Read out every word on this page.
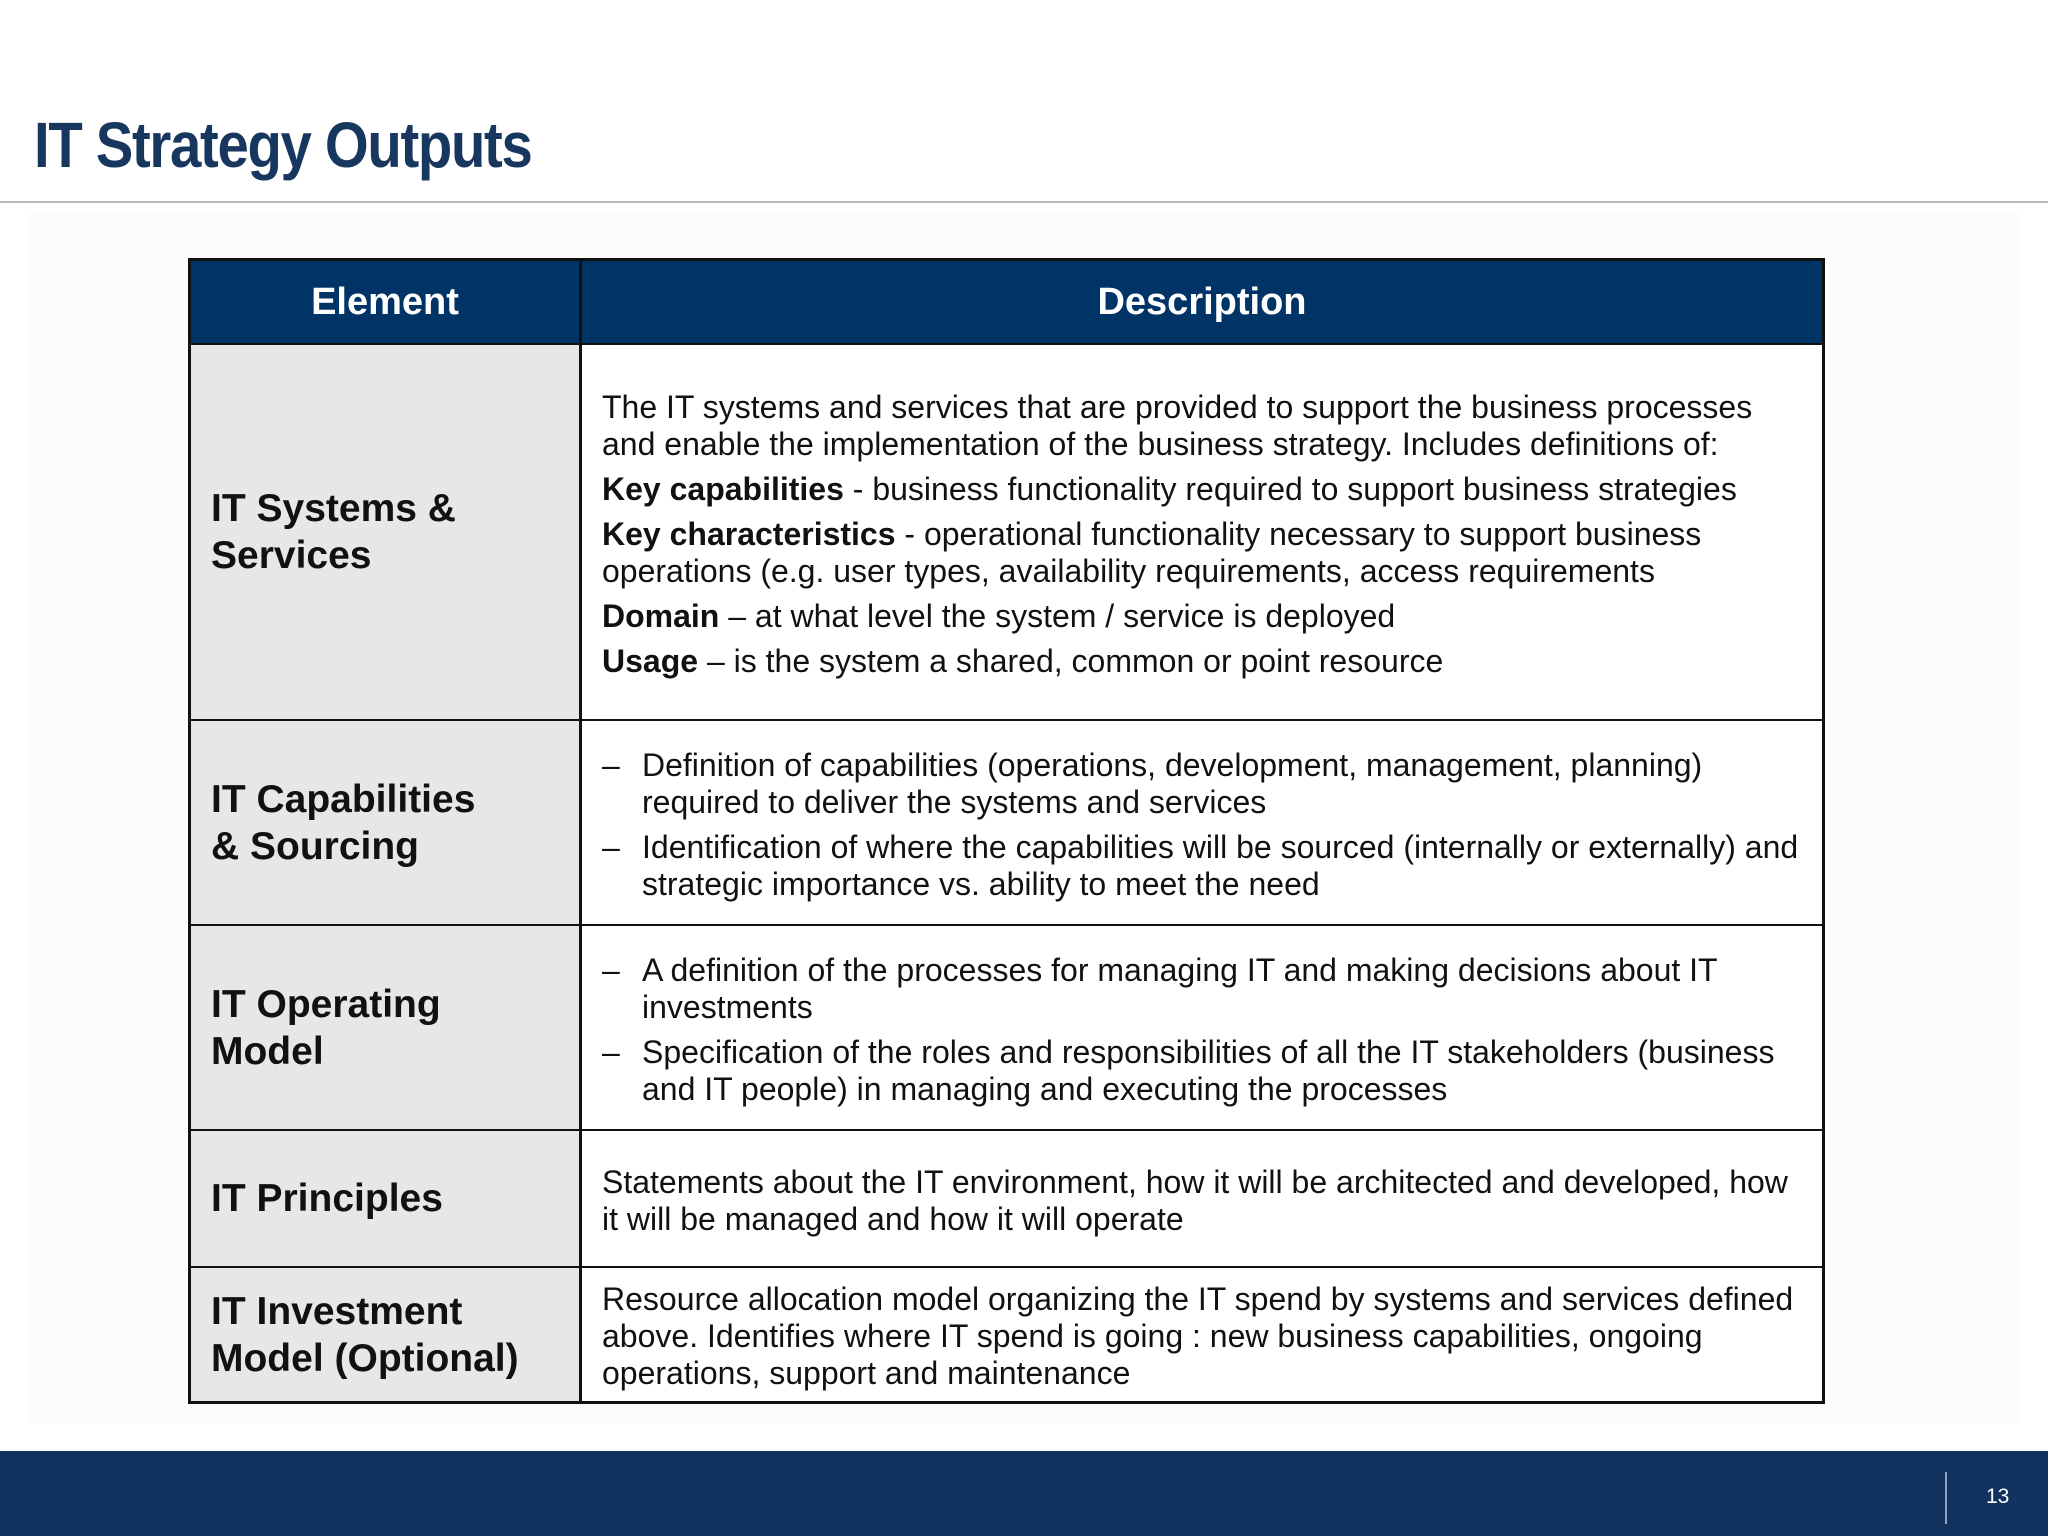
IT Strategy Outputs
Element	Description
IT Systems &
Services

The IT systems and services that are provided to support the business processes and enable the implementation of the business strategy. Includes definitions of:

Key capabilities - business functionality required to support business strategies

Key characteristics - operational functionality necessary to support business operations (e.g. user types, availability requirements, access requirements

Domain – at what level the system / service is deployed

Usage – is the system a shared, common or point resource

IT Capabilities
& Sourcing
– Definition of capabilities (operations, development, management, planning) required to deliver the systems and services
– Identification of where the capabilities will be sourced (internally or externally) and strategic importance vs. ability to meet the need
IT Operating
Model
– A definition of the processes for managing IT and making decisions about IT investments
– Specification of the roles and responsibilities of all the IT stakeholders (business and IT people) in managing and executing the processes
IT Principles	Statements about the IT environment, how it will be architected and developed, how it will be managed and how it will operate

IT Investment
Model (Optional)

Resource allocation model organizing the IT spend by systems and services defined above. Identifies where IT spend is going : new business capabilities, ongoing operations, support and maintenance

13
